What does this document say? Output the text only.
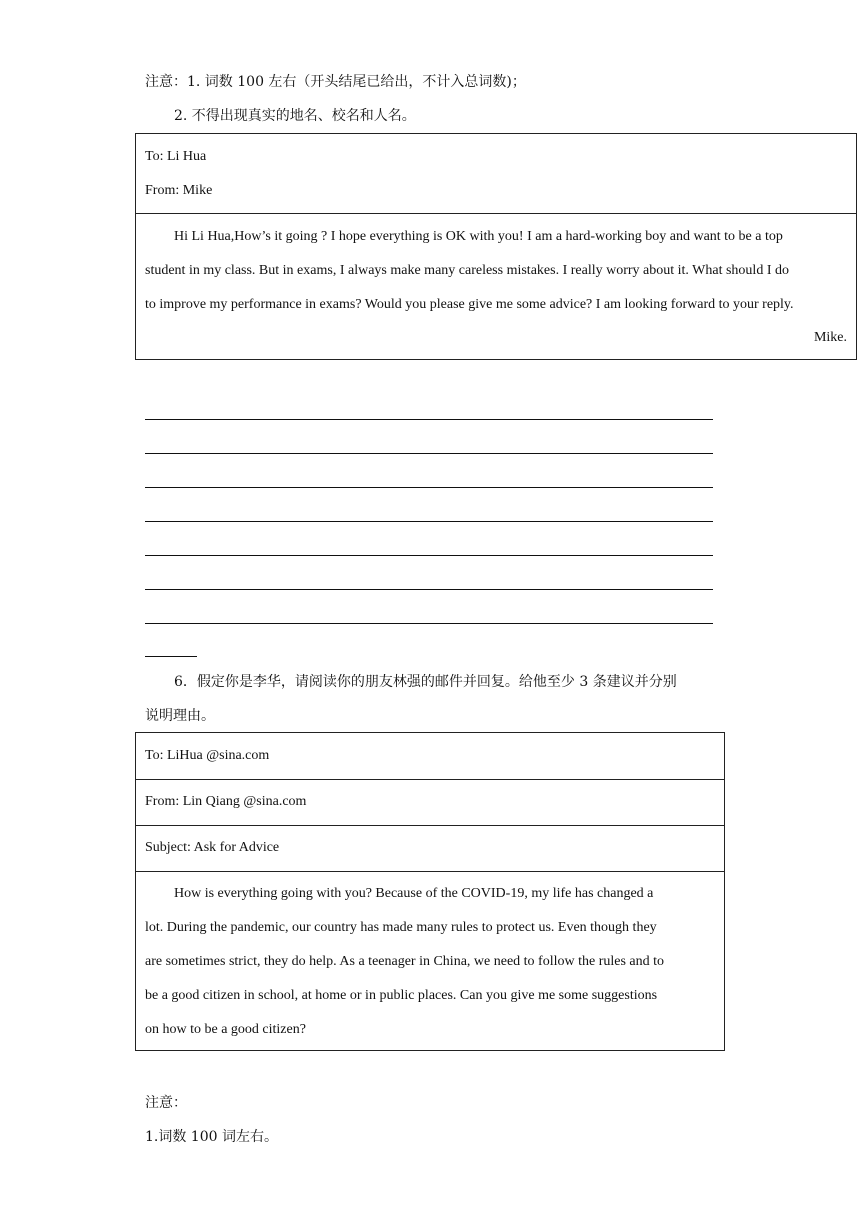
注意：1. 词数 100 左右（开头结尾已给出，不计入总词数)；
2. 不得出现真实的地名、校名和人名。
To: Li Hua
From: Mike
Hi Li Hua,How’s it going ? I hope everything is OK with you! I am a hard-working boy and want to be a top
student in my class. But in exams, I always make many careless mistakes. I really worry about it. What should I do
to improve my performance in exams? Would you please give me some advice? I am looking forward to your reply.
Mike.
6．假定你是李华，请阅读你的朋友林强的邮件并回复。给他至少 3 条建议并分别
说明理由。
To: LiHua @sina.com
From: Lin Qiang @sina.com
Subject: Ask for Advice
How is everything going with you? Because of the COVID-19, my life has changed a
lot. During the pandemic, our country has made many rules to protect us. Even though they
are sometimes strict, they do help. As a teenager in China, we need to follow the rules and to
be a good citizen in school, at home or in public places. Can you give me some suggestions
on how to be a good citizen?
注意：
1.词数 100 词左右。
